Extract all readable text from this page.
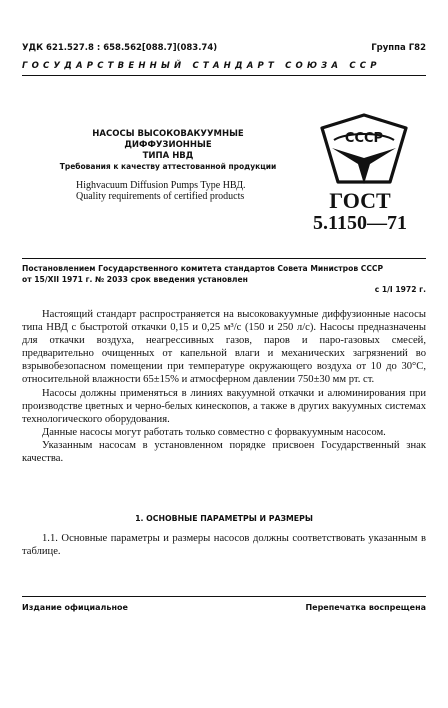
УДК 621.527.8 : 658.562[088.7](083.74)	Группа Г82
ГОСУДАРСТВЕННЫЙ СТАНДАРТ СОЮЗА ССР
НАСОСЫ ВЫСОКОВАКУУМНЫЕ ДИФФУЗИОННЫЕ
ТИПА НВД
Требования к качеству аттестованной продукции
Highvacuum Diffusion Pumps Type НВД.
Quality requirements of certified products
СССР
ГОСТ
5.1150—71
Постановлением Государственного комитета стандартов Совета Министров СССР
от 15/XII 1971 г. № 2033 срок введения установлен
с 1/I 1972 г.

Настоящий стандарт распространяется на высоковакуумные диффузионные насосы типа НВД с быстротой откачки 0,15 и 0,25 м³/с (150 и 250 л/с). Насосы предназначены для откачки воздуха, неагрессивных газов, паров и паро-газовых смесей, предварительно очищенных от капельной влаги и механических загрязнений во взрывобезопасном помещении при температуре окружающего воздуха от 10 до 30°С, относительной влажности 65±15% и атмосферном давлении 750±30 мм рт. ст.

Насосы должны применяться в линиях вакуумной откачки и алюминирования при производстве цветных и черно-белых кинескопов, а также в других вакуумных системах технологического оборудования.

Данные насосы могут работать только совместно с форвакуумным насосом.

Указанным насосам в установленном порядке присвоен Государственный знак качества.

1. ОСНОВНЫЕ ПАРАМЕТРЫ И РАЗМЕРЫ

1.1. Основные параметры и размеры насосов должны соответствовать указанным в таблице.

Издание официальное	Перепечатка воспрещена
